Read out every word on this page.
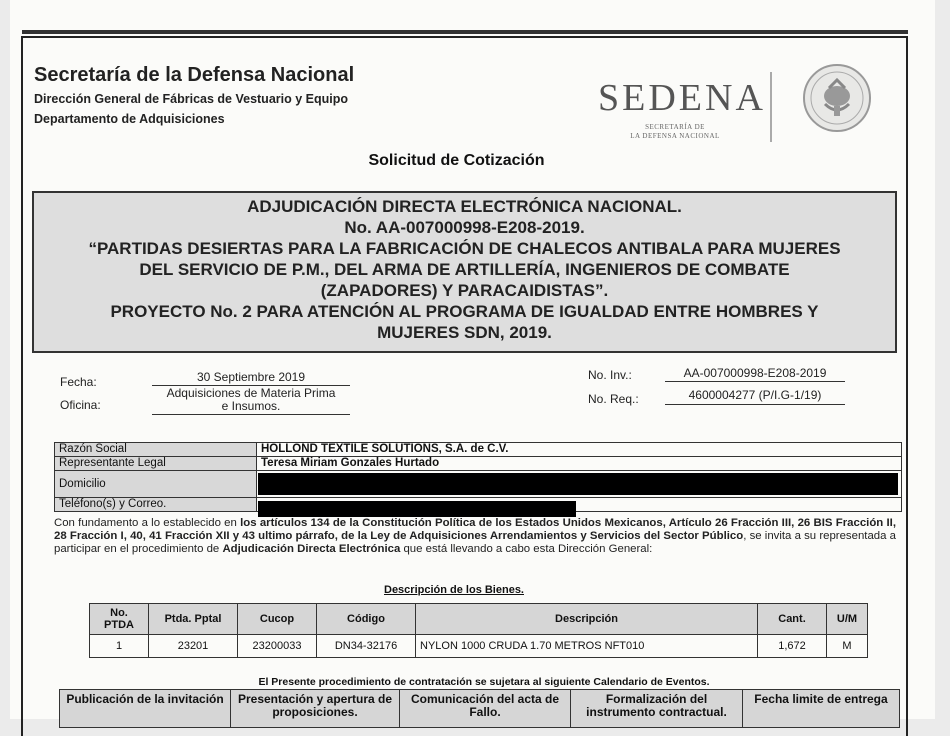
Secretaría de la Defensa Nacional
Dirección General de Fábricas de Vestuario y Equipo
Departamento de Adquisiciones	SEDENA
SECRETARÍA DE
LA DEFENSA NACIONAL
Solicitud de Cotización
ADJUDICACIÓN DIRECTA ELECTRÓNICA NACIONAL.
No. AA-007000998-E208-2019.
“PARTIDAS DESIERTAS PARA LA FABRICACIÓN DE CHALECOS ANTIBALA PARA MUJERES
DEL SERVICIO DE P.M., DEL ARMA DE ARTILLERÍA, INGENIEROS DE COMBATE
(ZAPADORES) Y PARACAIDISTAS”.
PROYECTO No. 2 PARA ATENCIÓN AL PROGRAMA DE IGUALDAD ENTRE HOMBRES Y
MUJERES SDN, 2019.
Fecha:	30 Septiembre 2019
Oficina:
Adquisiciones de Materia Prima
e Insumos.
No. Inv.:	AA-007000998-E208-2019
No. Req.:	4600004277 (P/I.G-1/19)
Razón Social	HOLLOND TEXTILE SOLUTIONS, S.A. de C.V.
Representante Legal	Teresa Miriam Gonzales Hurtado
Domicilio	
Teléfono(s) y Correo.	
Con fundamento a lo establecido en los artículos 134 de la Constitución Política de los Estados Unidos Mexicanos, Artículo 26 Fracción III, 26 BIS Fracción II, 28 Fracción I, 40, 41 Fracción XII y 43 ultimo párrafo, de la Ley de Adquisiciones Arrendamientos y Servicios del Sector Público, se invita a su representada a participar en el procedimiento de Adjudicación Directa Electrónica que está llevando a cabo esta Dirección General:
Descripción de los Bienes.
No. PTDA	Ptda. Pptal	Cucop	Código	Descripción	Cant.	U/M
1	23201	23200033	DN34-32176	NYLON 1000 CRUDA 1.70 METROS NFT010	1,672	M
El Presente procedimiento de contratación se sujetara al siguiente Calendario de Eventos.
Publicación de la invitación	Presentación y apertura de proposiciones.	Comunicación del acta de Fallo.	Formalización del instrumento contractual.	Fecha limite de entrega
